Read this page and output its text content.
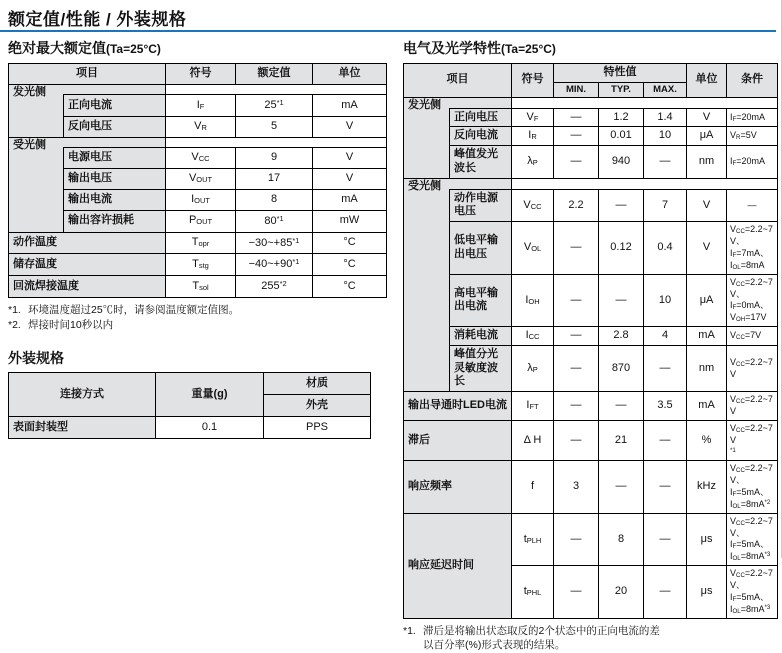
额定值/性能 / 外装规格
绝对最大额定值(Ta=25°C)
项目		符号	额定值	单位
发光侧				
	正向电流	$I_F$	25$^{*1}$	mA
	反向电压	$V_R$	5	V
受光侧				
	电源电压	$V_{CC}$	9	V
	输出电压	$V_{OUT}$	17	V
	输出电流	$I_{OUT}$	8	mA
	输出容许损耗	$P_{OUT}$	80$^{*1}$	mW
动作温度		$T_{opr}$	$-30\sim+85^{*1}$	°C
储存温度		$T_{stg}$	$-40\sim+90^{*1}$	°C
回流焊接温度		$T_{sol}$	255$^{*2}$	°C
*1. 环境温度超过25℃时，请参阅温度额定值图。
*2. 焊接时间10秒以内
外装规格
连接方式	重量(g)	材质
		外壳
表面封装型	0.1	PPS
电气及光学特性(Ta=25°C)
项目		符号	特性值			单位	条件
			MIN.	TYP.	MAX.		
发光侧							
	正向电压	$V_F$	—	1.2	1.4	V	$I_F=20mA$
	反向电流	$I_R$	—	0.01	10	μA	$V_R=5V$
	峰值发光波长	$\lambda_P$	—	940	—	nm	$I_F=20mA$
受光侧							
	动作电源电压	$V_{CC}$	2.2	—	7	V	—
	低电平输出电压	$V_{OL}$	—	0.12	0.4	V	$V_{CC}=2.2\sim 7V$、
$I_F=7mA$、
$I_{OL}=8mA$
	高电平输出电流	$I_{OH}$	—	—	10	μA	$V_{CC}=2.2\sim 7V$、
$I_F=0mA$、
$V_{OH}=17V$
	消耗电流	$I_{CC}$	—	2.8	4	mA	$V_{CC}=7V$
	峰值分光灵敏度波长	$\lambda_P$	—	870	—	nm	$V_{CC}=2.2\sim 7V$
输出导通时LED电流		$I_{FT}$	—	—	3.5	mA	$V_{CC}=2.2\sim 7V$
滞后		Δ H	—	21	—	%	$V_{CC}=2.2\sim 7V$
$^{*1}$
响应频率		f	3	—	—	kHz	$V_{CC}=2.2\sim 7V$、
$I_F=5mA$、
$I_{OL}=8mA^{*2}$
响应延迟时间		$t_{PLH}$	—	8	—	μs	$V_{CC}=2.2\sim 7V$、
$I_F=5mA$、
$I_{OL}=8mA^{*3}$
		$t_{PHL}$	—	20	—	μs	$V_{CC}=2.2\sim 7V$、
$I_F=5mA$、
$I_{OL}=8mA^{*3}$
*1. 滞后是将输出状态取反的2个状态中的正向电流的差
以百分率(%)形式表现的结果。
